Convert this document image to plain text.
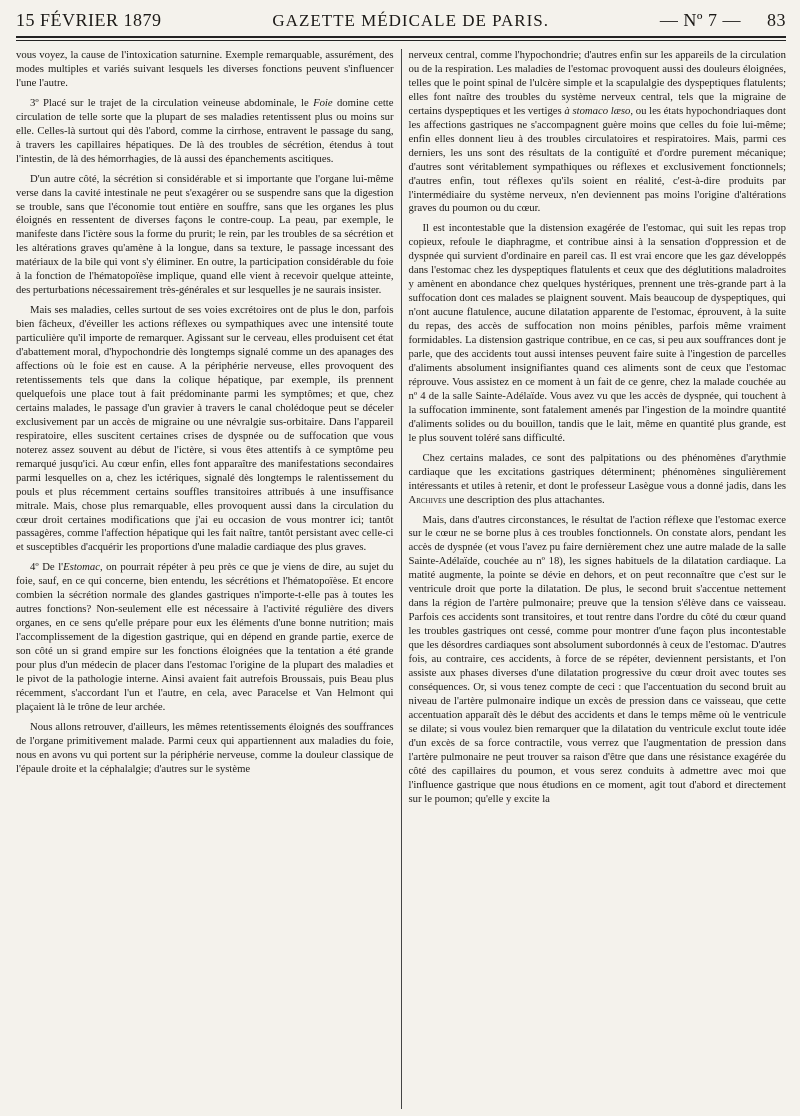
15 FÉVRIER 1879	GAZETTE MÉDICALE DE PARIS.	— Nº 7 — 83

vous voyez, la cause de l'intoxication saturnine. Exemple remarquable, assurément, des modes multiples et variés suivant lesquels les diverses fonctions peuvent s'influencer l'une l'autre.

3º Placé sur le trajet de la circulation veineuse abdominale, le Foie domine cette circulation de telle sorte que la plupart de ses maladies retentissent plus ou moins sur elle. Celles-là surtout qui dès l'abord, comme la cirrhose, entravent le passage du sang, à travers les capillaires hépatiques. De là des troubles de sécrétion, étendus à tout l'intestin, de là des hémorrhagies, de là aussi des épanchements ascitiques.

D'un autre côté, la sécrétion si considérable et si importante que l'organe lui-même verse dans la cavité intestinale ne peut s'exagérer ou se suspendre sans que la digestion se trouble, sans que l'économie tout entière en souffre, sans que les organes les plus éloignés en ressentent de diverses façons le contre-coup. La peau, par exemple, le manifeste dans l'ictère sous la forme du prurit; le rein, par les troubles de sa sécrétion et les altérations graves qu'amène à la longue, dans sa texture, le passage incessant des matériaux de la bile qui vont s'y éliminer. En outre, la participation considérable du foie à la fonction de l'hématopoïèse implique, quand elle vient à recevoir quelque atteinte, des perturbations nécessairement très-générales et sur lesquelles je ne saurais insister.

Mais ses maladies, celles surtout de ses voies excrétoires ont de plus le don, parfois bien fâcheux, d'éveiller les actions réflexes ou sympathiques avec une intensité toute particulière qu'il importe de remarquer. Agissant sur le cerveau, elles produisent cet état d'abattement moral, d'hypochondrie dès longtemps signalé comme un des apanages des affections où le foie est en cause. A la périphérie nerveuse, elles provoquent des retentissements tels que dans la colique hépatique, par exemple, ils prennent quelquefois une place tout à fait prédominante parmi les symptômes; et que, chez certains malades, le passage d'un gravier à travers le canal cholédoque peut se déceler exclusivement par un accès de migraine ou une névralgie sus-orbitaire. Dans l'appareil respiratoire, elles suscitent certaines crises de dyspnée ou de suffocation que vous noterez assez souvent au début de l'ictère, si vous êtes attentifs à ce symptôme peu remarqué jusqu'ici. Au cœur enfin, elles font apparaître des manifestations secondaires parmi lesquelles on a, chez les ictériques, signalé dès longtemps le ralentissement du pouls et plus récemment certains souffles transitoires attribués à une insuffisance mitrale. Mais, chose plus remarquable, elles provoquent aussi dans la circulation du cœur droit certaines modifications que j'ai eu occasion de vous montrer ici; tantôt passagères, comme l'affection hépatique qui les fait naître, tantôt persistant avec celle-ci et susceptibles d'acquérir les proportions d'une maladie cardiaque des plus graves.

4º De l'Estomac, on pourrait répéter à peu près ce que je viens de dire, au sujet du foie, sauf, en ce qui concerne, bien entendu, les sécrétions et l'hématopoïèse. Et encore combien la sécrétion normale des glandes gastriques n'importe-t-elle pas à toutes les autres fonctions? Non-seulement elle est nécessaire à l'activité régulière des divers organes, en ce sens qu'elle prépare pour eux les éléments d'une bonne nutrition; mais l'accomplissement de la digestion gastrique, qui en dépend en grande partie, exerce de son côté un si grand empire sur les fonctions éloignées que la tentation a été grande pour plus d'un médecin de placer dans l'estomac l'origine de la plupart des maladies et le pivot de la pathologie interne. Ainsi avaient fait autrefois Broussais, puis Beau plus récemment, s'accordant l'un et l'autre, en cela, avec Paracelse et Van Helmont qui plaçaient là le trône de leur archée.

Nous allons retrouver, d'ailleurs, les mêmes retentissements éloignés des souffrances de l'organe primitivement malade. Parmi ceux qui appartiennent aux maladies du foie, nous en avons vu qui portent sur la périphérie nerveuse, comme la douleur classique de l'épaule droite et la céphalalgie; d'autres sur le système

nerveux central, comme l'hypochondrie; d'autres enfin sur les appareils de la circulation ou de la respiration. Les maladies de l'estomac provoquent aussi des douleurs éloignées, telles que le point spinal de l'ulcère simple et la scapulalgie des dyspeptiques flatulents; elles font naître des troubles du système nerveux central, tels que la migraine de certains dyspeptiques et les vertiges à stomaco læso, ou les états hypochondriaques dont les affections gastriques ne s'accompagnent guère moins que celles du foie lui-même; enfin elles donnent lieu à des troubles circulatoires et respiratoires. Mais, parmi ces derniers, les uns sont des résultats de la contiguïté et d'ordre purement mécanique; d'autres sont véritablement sympathiques ou réflexes et exclusivement fonctionnels; d'autres enfin, tout réflexes qu'ils soient en réalité, c'est-à-dire produits par l'intermédiaire du système nerveux, n'en deviennent pas moins l'origine d'altérations graves du poumon ou du cœur.

Il est incontestable que la distension exagérée de l'estomac, qui suit les repas trop copieux, refoule le diaphragme, et contribue ainsi à la sensation d'oppression et de dyspnée qui survient d'ordinaire en pareil cas. Il est vrai encore que les gaz développés dans l'estomac chez les dyspeptiques flatulents et ceux que des déglutitions maladroites y amènent en abondance chez quelques hystériques, prennent une très-grande part à la suffocation dont ces malades se plaignent souvent. Mais beaucoup de dyspeptiques, qui n'ont aucune flatulence, aucune dilatation apparente de l'estomac, éprouvent, à la suite du repas, des accès de suffocation non moins pénibles, parfois même vraiment formidables. La distension gastrique contribue, en ce cas, si peu aux souffrances dont je parle, que des accidents tout aussi intenses peuvent faire suite à l'ingestion de parcelles d'aliments absolument insignifiantes quand ces aliments sont de ceux que l'estomac réprouve. Vous assistez en ce moment à un fait de ce genre, chez la malade couchée au nº 4 de la salle Sainte-Adélaïde. Vous avez vu que les accès de dyspnée, qui touchent à la suffocation imminente, sont fatalement amenés par l'ingestion de la moindre quantité d'aliments solides ou du bouillon, tandis que le lait, même en quantité plus grande, est le plus souvent toléré sans difficulté.

Chez certains malades, ce sont des palpitations ou des phénomènes d'arythmie cardiaque que les excitations gastriques déterminent; phénomènes singulièrement intéressants et utiles à retenir, et dont le professeur Lasègue vous a donné jadis, dans les Archives une description des plus attachantes.

Mais, dans d'autres circonstances, le résultat de l'action réflexe que l'estomac exerce sur le cœur ne se borne plus à ces troubles fonctionnels. On constate alors, pendant les accès de dyspnée (et vous l'avez pu faire dernièrement chez une autre malade de la salle Sainte-Adélaïde, couchée au nº 18), les signes habituels de la dilatation cardiaque. La matité augmente, la pointe se dévie en dehors, et on peut reconnaître que c'est sur le ventricule droit que porte la dilatation. De plus, le second bruit s'accentue nettement dans la région de l'artère pulmonaire; preuve que la tension s'élève dans ce vaisseau. Parfois ces accidents sont transitoires, et tout rentre dans l'ordre du côté du cœur quand les troubles gastriques ont cessé, comme pour montrer d'une façon plus incontestable que les désordres cardiaques sont absolument subordonnés à ceux de l'estomac. D'autres fois, au contraire, ces accidents, à force de se répéter, deviennent persistants, et l'on assiste aux phases diverses d'une dilatation progressive du cœur droit avec toutes ses conséquences. Or, si vous tenez compte de ceci : que l'accentuation du second bruit au niveau de l'artère pulmonaire indique un excès de pression dans ce vaisseau, que cette accentuation apparaît dès le début des accidents et dans le temps même où le ventricule se dilate; si vous voulez bien remarquer que la dilatation du ventricule exclut toute idée d'un excès de sa force contractile, vous verrez que l'augmentation de pression dans l'artère pulmonaire ne peut trouver sa raison d'être que dans une résistance exagérée du côté des capillaires du poumon, et vous serez conduits à admettre avec moi que l'influence gastrique que nous étudions en ce moment, agit tout d'abord et directement sur le poumon; qu'elle y excite la
